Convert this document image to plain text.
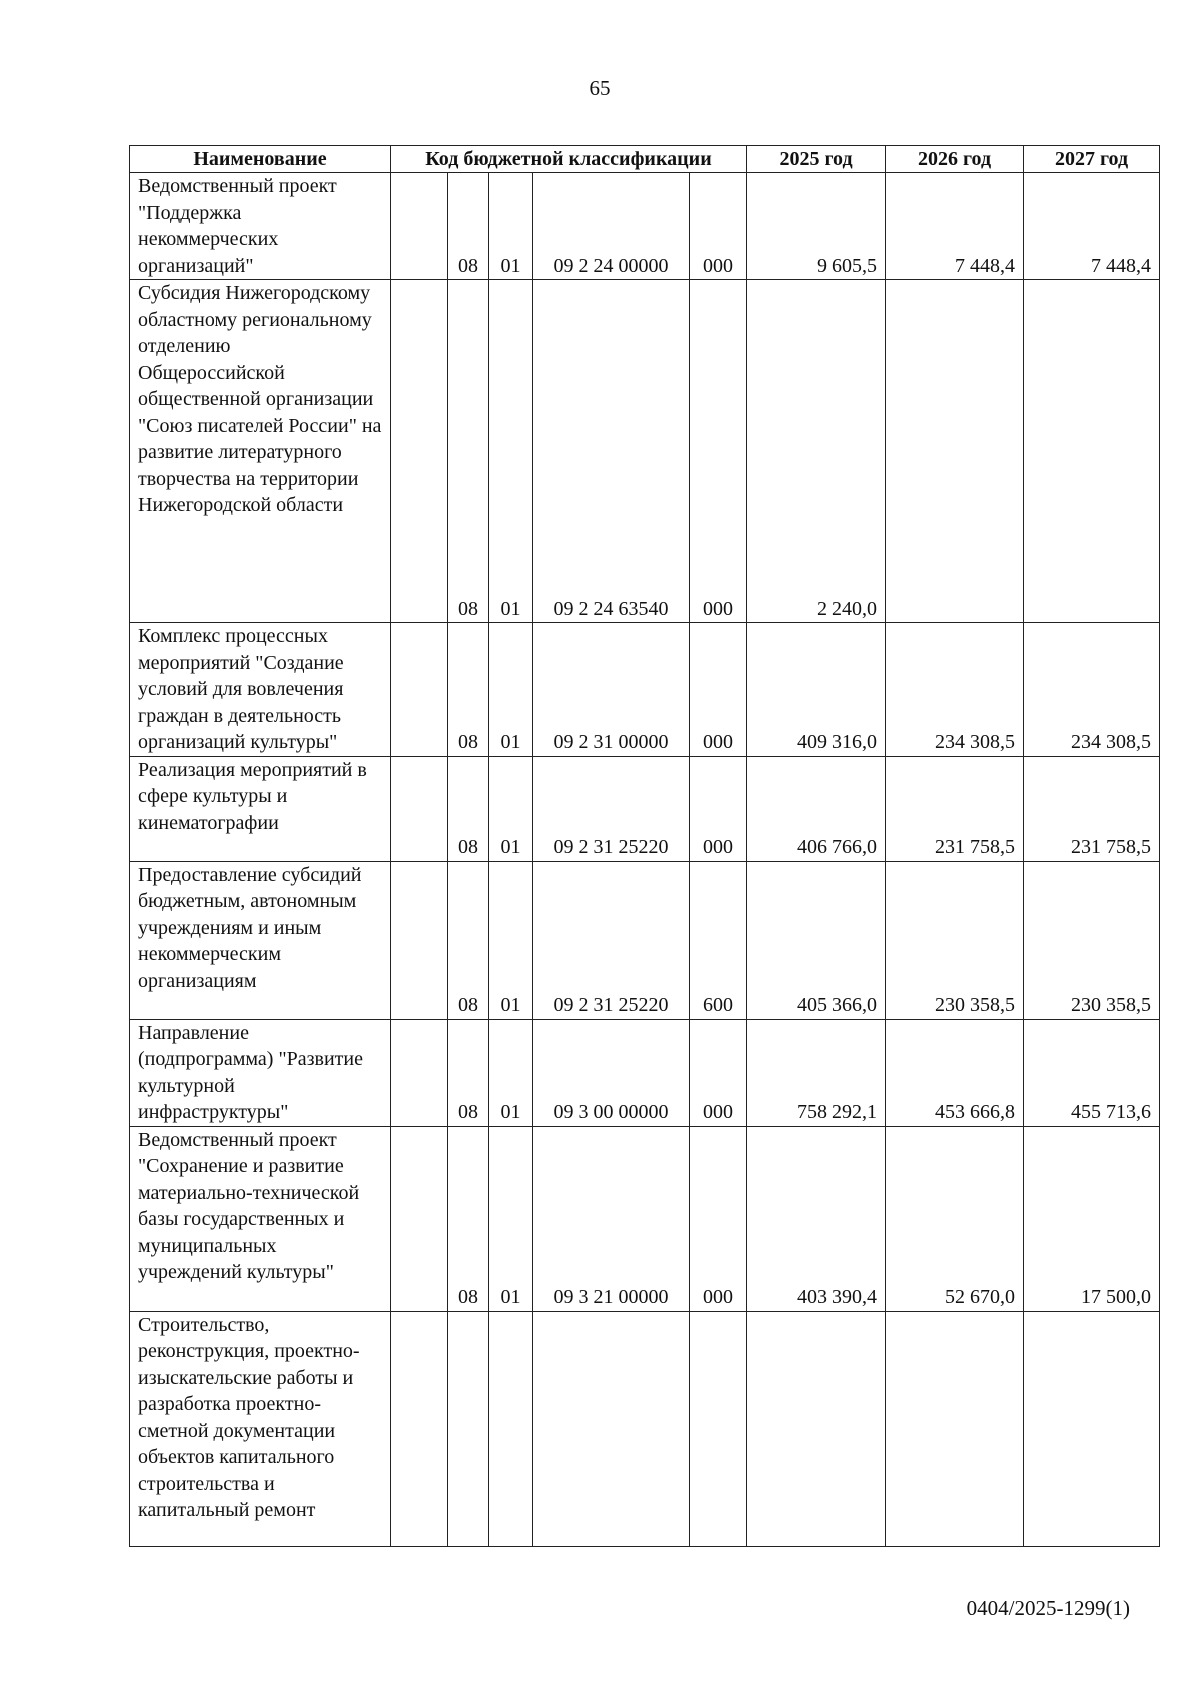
65
Наименование	Код бюджетной классификации					2025 год	2026 год	2027 год
Ведомственный проект "Поддержка некоммерческих организаций"		08	01	09 2 24 00000	000	9 605,5	7 448,4	7 448,4
Субсидия Нижегородскому областному региональному отделению Общероссийской общественной организации "Союз писателей России" на развитие литературного творчества на территории Нижегородской области		08	01	09 2 24 63540	000	2 240,0		
Комплекс процессных мероприятий "Создание условий для вовлечения граждан в деятельность организаций культуры"		08	01	09 2 31 00000	000	409 316,0	234 308,5	234 308,5
Реализация мероприятий в сфере культуры и кинематографии		08	01	09 2 31 25220	000	406 766,0	231 758,5	231 758,5
Предоставление субсидий бюджетным, автономным учреждениям и иным некоммерческим организациям		08	01	09 2 31 25220	600	405 366,0	230 358,5	230 358,5
Направление (подпрограмма) "Развитие культурной инфраструктуры"		08	01	09 3 00 00000	000	758 292,1	453 666,8	455 713,6
Ведомственный проект "Сохранение и развитие материально-технической базы государственных и муниципальных учреждений культуры"		08	01	09 3 21 00000	000	403 390,4	52 670,0	17 500,0
Строительство, реконструкция, проектно-изыскательские работы и разработка проектно-сметной документации объектов капитального строительства и капитальный ремонт								
0404/2025-1299(1)
